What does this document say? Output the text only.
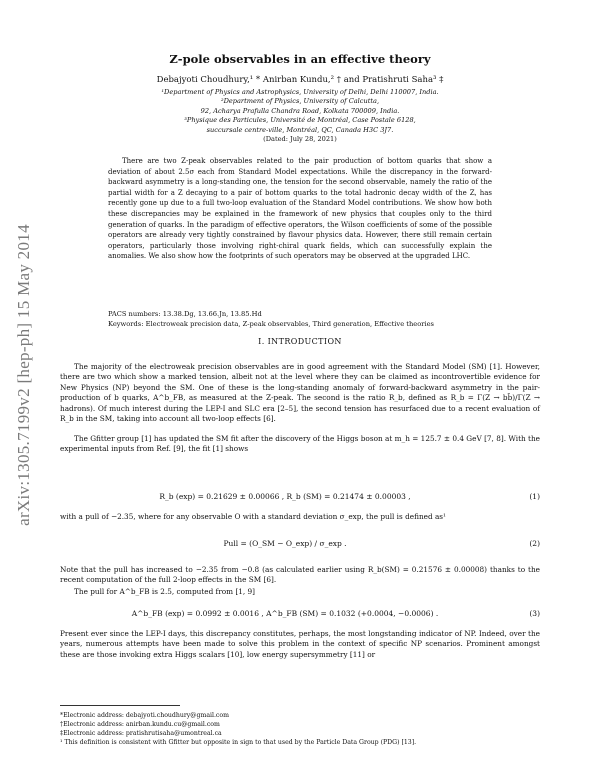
arXiv:1305.7199v2 [hep-ph] 15 May 2014
Z-pole observables in an effective theory
Debajyoti Choudhury,¹ * Anirban Kundu,² † and Pratishruti Saha³ ‡
¹Department of Physics and Astrophysics, University of Delhi, Delhi 110007, India.
²Department of Physics, University of Calcutta,
92, Acharya Prafulla Chandra Road, Kolkata 700009, India.
³Physique des Particules, Université de Montréal, Case Postale 6128,
succursale centre-ville, Montréal, QC, Canada H3C 3J7.
(Dated: July 28, 2021)
There are two Z-peak observables related to the pair production of bottom quarks that show a deviation of about 2.5σ each from Standard Model expectations. While the discrepancy in the forward-backward asymmetry is a long-standing one, the tension for the second observable, namely the ratio of the partial width for a Z decaying to a pair of bottom quarks to the total hadronic decay width of the Z, has recently gone up due to a full two-loop evaluation of the Standard Model contributions. We show how both these discrepancies may be explained in the framework of new physics that couples only to the third generation of quarks. In the paradigm of effective operators, the Wilson coefficients of some of the possible operators are already very tightly constrained by flavour physics data. However, there still remain certain operators, particularly those involving right-chiral quark fields, which can successfully explain the anomalies. We also show how the footprints of such operators may be observed at the upgraded LHC.
PACS numbers: 13.38.Dg, 13.66.Jn, 13.85.Hd
Keywords: Electroweak precision data, Z-peak observables, Third generation, Effective theories
I. INTRODUCTION
The majority of the electroweak precision observables are in good agreement with the Standard Model (SM) [1]. However, there are two which show a marked tension, albeit not at the level where they can be claimed as incontrovertible evidence for New Physics (NP) beyond the SM. One of these is the long-standing anomaly of forward-backward asymmetry in the pair-production of b quarks, A^b_FB, as measured at the Z-peak. The second is the ratio R_b, defined as R_b = Γ(Z → bb̄)/Γ(Z → hadrons). Of much interest during the LEP-I and SLC era [2–5], the second tension has resurfaced due to a recent evaluation of R_b in the SM, taking into account all two-loop effects [6].
The Gfitter group [1] has updated the SM fit after the discovery of the Higgs boson at m_h = 125.7 ± 0.4 GeV [7, 8]. With the experimental inputs from Ref. [9], the fit [1] shows
R_b (exp) = 0.21629 ± 0.00066 , R_b (SM) = 0.21474 ± 0.00003 ,	(1)
with a pull of −2.35, where for any observable O with a standard deviation σ_exp, the pull is defined as¹
Pull = (O_SM − O_exp) / σ_exp .	(2)
Note that the pull has increased to −2.35 from −0.8 (as calculated earlier using R_b(SM) = 0.21576 ± 0.00008) thanks to the recent computation of the full 2-loop effects in the SM [6].
The pull for A^b_FB is 2.5, computed from [1, 9]
A^b_FB (exp) = 0.0992 ± 0.0016 , A^b_FB (SM) = 0.1032 (+0.0004, −0.0006) .	(3)
Present ever since the LEP-I days, this discrepancy constitutes, perhaps, the most longstanding indicator of NP. Indeed, over the years, numerous attempts have been made to solve this problem in the context of specific NP scenarios. Prominent amongst these are those invoking extra Higgs scalars [10], low energy supersymmetry [11] or
*Electronic address: debajyoti.choudhury@gmail.com
†Electronic address: anirban.kundu.cu@gmail.com
‡Electronic address: pratishrutisaha@umontreal.ca
¹ This definition is consistent with Gfitter but opposite in sign to that used by the Particle Data Group (PDG) [13].
